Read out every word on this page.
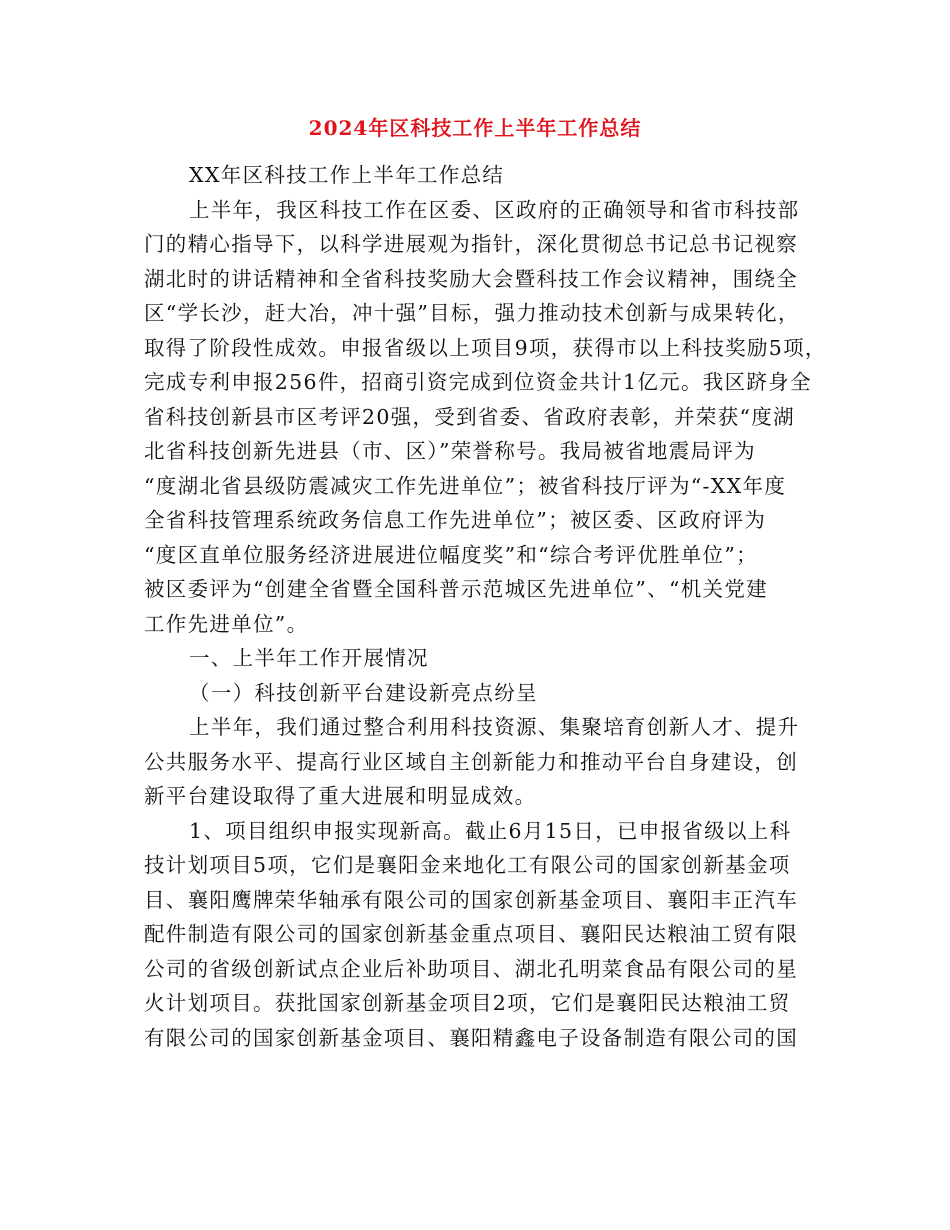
2024年区科技工作上半年工作总结
XX年区科技工作上半年工作总结
上半年，我区科技工作在区委、区政府的正确领导和省市科技部
门的精心指导下，以科学进展观为指针，深化贯彻总书记总书记视察
湖北时的讲话精神和全省科技奖励大会暨科技工作会议精神，围绕全
区“学长沙，赶大冶，冲十强”目标，强力推动技术创新与成果转化，
取得了阶段性成效。申报省级以上项目9项，获得市以上科技奖励5项，
完成专利申报256件，招商引资完成到位资金共计1亿元。我区跻身全
省科技创新县市区考评20强，受到省委、省政府表彰，并荣获“度湖
北省科技创新先进县（市、区）”荣誉称号。我局被省地震局评为
“度湖北省县级防震减灾工作先进单位”；被省科技厅评为“-XX年度
全省科技管理系统政务信息工作先进单位”；被区委、区政府评为
“度区直单位服务经济进展进位幅度奖”和“综合考评优胜单位”；
被区委评为“创建全省暨全国科普示范城区先进单位”、“机关党建
工作先进单位”。
一、上半年工作开展情况
（一）科技创新平台建设新亮点纷呈
上半年，我们通过整合利用科技资源、集聚培育创新人才、提升
公共服务水平、提高行业区域自主创新能力和推动平台自身建设，创
新平台建设取得了重大进展和明显成效。
1、项目组织申报实现新高。截止6月15日，已申报省级以上科
技计划项目5项，它们是襄阳金来地化工有限公司的国家创新基金项
目、襄阳鹰牌荣华轴承有限公司的国家创新基金项目、襄阳丰正汽车
配件制造有限公司的国家创新基金重点项目、襄阳民达粮油工贸有限
公司的省级创新试点企业后补助项目、湖北孔明菜食品有限公司的星
火计划项目。获批国家创新基金项目2项，它们是襄阳民达粮油工贸
有限公司的国家创新基金项目、襄阳精鑫电子设备制造有限公司的国
